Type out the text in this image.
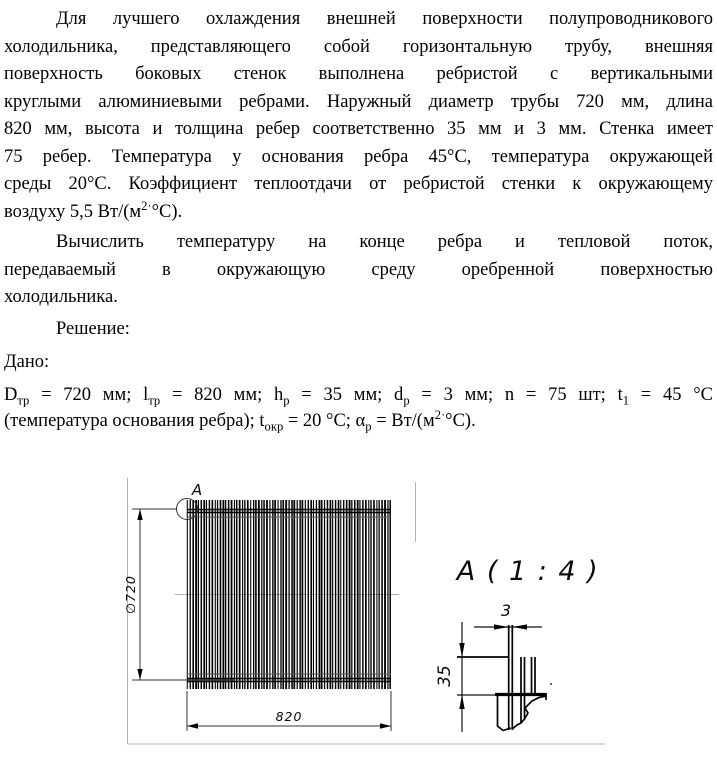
Для лучшего охлаждения внешней поверхности полупроводникового
холодильника, представляющего собой горизонтальную трубу, внешняя
поверхность боковых стенок выполнена ребристой с вертикальными
круглыми алюминиевыми ребрами. Наружный диаметр трубы 720 мм, длина
820 мм, высота и толщина ребер соответственно 35 мм и 3 мм. Стенка имеет
75 ребер. Температура у основания ребра 45°С, температура окружающей
среды 20°С. Коэффициент теплоотдачи от ребристой стенки к окружающему
воздуху 5,5 $Вт/(м^{2\cdot}^\circ С)$.
Вычислить температуру на конце ребра и тепловой поток,
передаваемый в окружающую среду оребренной поверхностью
холодильника.
Решение:
Дано:
$D_{тр} = 720$ мм; $l_{тр} = 820$ мм; $h_р = 35$ мм; $d_р = 3$ мм; n = 75 шт; $t_1 = 45$ °С
(температура основания ребра); $t_{окр} = 20$ °С; $\alpha_р = Вт/(м^{2\cdot}^\circ С)$.
A
∅720
820
A ( 1 : 4 )
3
35
